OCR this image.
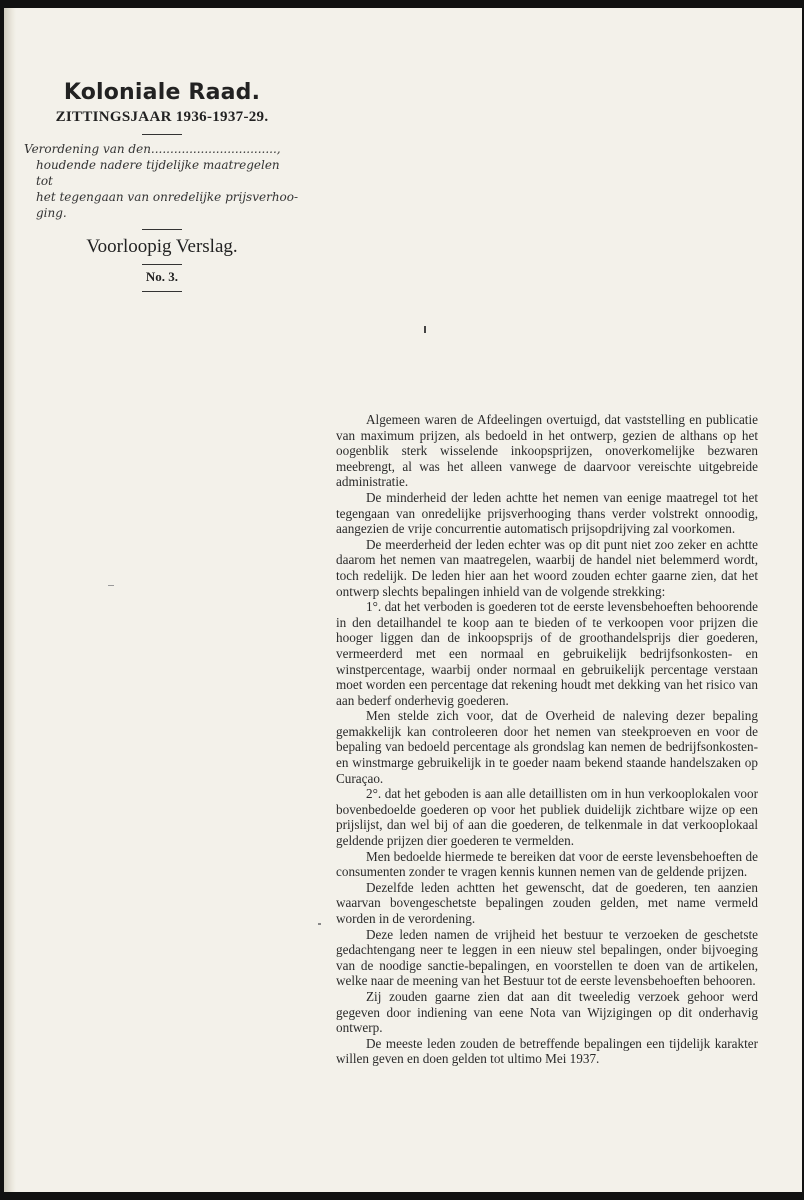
Koloniale Raad.
ZITTINGSJAAR 1936-1937-29.
Verordening van den.................................,
houdende nadere tijdelijke maatregelen tot
het tegengaan van onredelijke prijsverhoo-
ging.
Voorloopig Verslag.
No. 3.

Algemeen waren de Afdeelingen overtuigd, dat vaststelling en publicatie van maximum prijzen, als bedoeld in het ontwerp, gezien de althans op het oogenblik sterk wisselende inkoopsprijzen, onoverkomelijke bezwaren meebrengt, al was het alleen vanwege de daarvoor vereischte uitgebreide administratie.

De minderheid der leden achtte het nemen van eenige maatregel tot het tegengaan van onredelijke prijsverhooging thans verder volstrekt onnoodig, aangezien de vrije concurrentie automatisch prijsopdrijving zal voorkomen.

De meerderheid der leden echter was op dit punt niet zoo zeker en achtte daarom het nemen van maatregelen, waarbij de handel niet belemmerd wordt, toch redelijk. De leden hier aan het woord zouden echter gaarne zien, dat het ontwerp slechts bepalingen inhield van de volgende strekking:

1°. dat het verboden is goederen tot de eerste levensbehoeften behoorende in den detailhandel te koop aan te bieden of te verkoopen voor prijzen die hooger liggen dan de inkoopsprijs of de groothandelsprijs dier goederen, vermeerderd met een normaal en gebruikelijk bedrijfsonkosten- en winstpercentage, waarbij onder normaal en gebruikelijk percentage verstaan moet worden een percentage dat rekening houdt met dekking van het risico van aan bederf onderhevig goederen.

Men stelde zich voor, dat de Overheid de naleving dezer bepaling gemakkelijk kan controleeren door het nemen van steekproeven en voor de bepaling van bedoeld percentage als grondslag kan nemen de bedrijfsonkosten- en winstmarge gebruikelijk in te goeder naam bekend staande handelszaken op Curaçao.

2°. dat het geboden is aan alle detaillisten om in hun verkooplokalen voor bovenbedoelde goederen op voor het publiek duidelijk zichtbare wijze op een prijslijst, dan wel bij of aan die goederen, de telkenmale in dat verkooplokaal geldende prijzen dier goederen te vermelden.

Men bedoelde hiermede te bereiken dat voor de eerste levensbehoeften de consumenten zonder te vragen kennis kunnen nemen van de geldende prijzen.

Dezelfde leden achtten het gewenscht, dat de goederen, ten aanzien waarvan bovengeschetste bepalingen zouden gelden, met name vermeld worden in de verordening.

Deze leden namen de vrijheid het bestuur te verzoeken de geschetste gedachtengang neer te leggen in een nieuw stel bepalingen, onder bijvoeging van de noodige sanctie-bepalingen, en voorstellen te doen van de artikelen, welke naar de meening van het Bestuur tot de eerste levensbehoeften behooren.

Zij zouden gaarne zien dat aan dit tweeledig verzoek gehoor werd gegeven door indiening van eene Nota van Wijzigingen op dit onderhavig ontwerp.

De meeste leden zouden de betreffende bepalingen een tijdelijk karakter willen geven en doen gelden tot ultimo Mei 1937.
